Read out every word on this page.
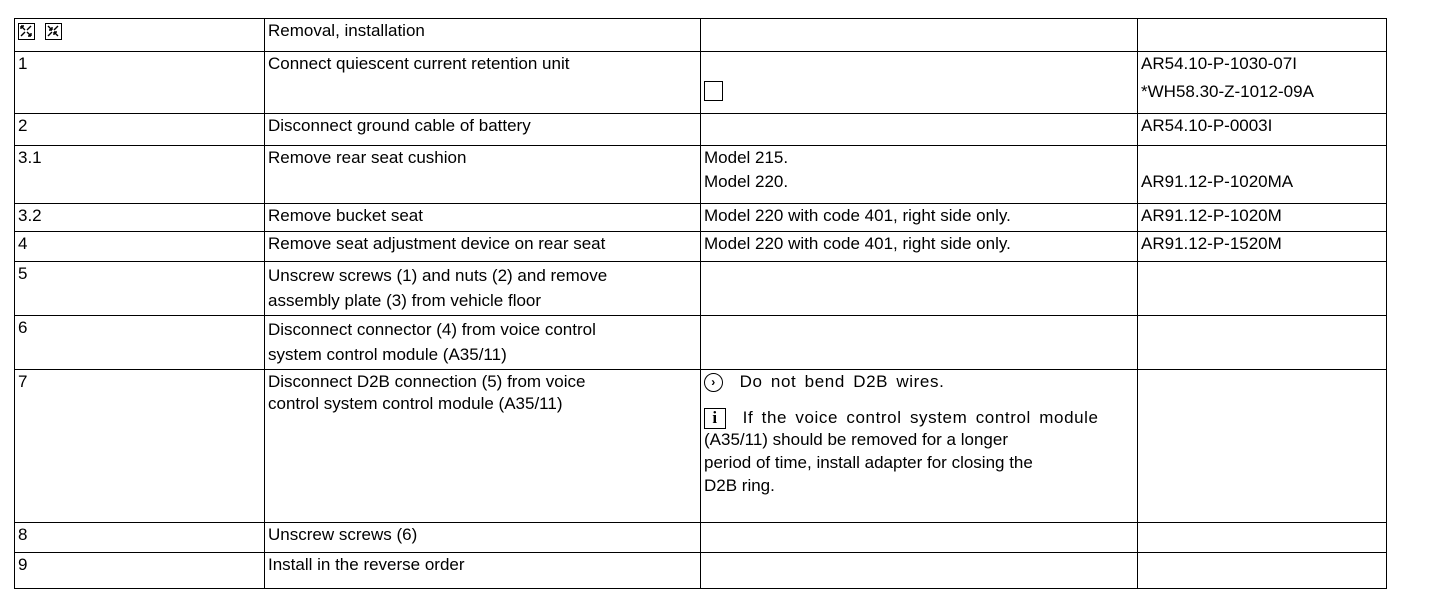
	Removal, installation		
1	Connect quiescent current retention unit		AR54.10-P-1030-07I
*WH58.30-Z-1012-09A

2	Disconnect ground cable of battery		AR54.10-P-0003I

3.1	Remove rear seat cushion	Model 215.
Model 220.	AR91.12-P-1020MA

3.2	Remove bucket seat	Model 220 with code 401, right side only.	AR91.12-P-1020M

4	Remove seat adjustment device on rear seat	Model 220 with code 401, right side only.	AR91.12-P-1520M

5	Unscrew screws (1) and nuts (2) and remove
assembly plate (3) from vehicle floor		

6	Disconnect connector (4) from voice control
system control module (A35/11)		

7	Disconnect D2B connection (5) from voice
control system control module (A35/11)	› Do not bend D2B wires.
i If the voice control system control module
(A35/11) should be removed for a longer
period of time, install adapter for closing the
D2B ring.	

8	Unscrew screws (6)		
9	Install in the reverse order		
